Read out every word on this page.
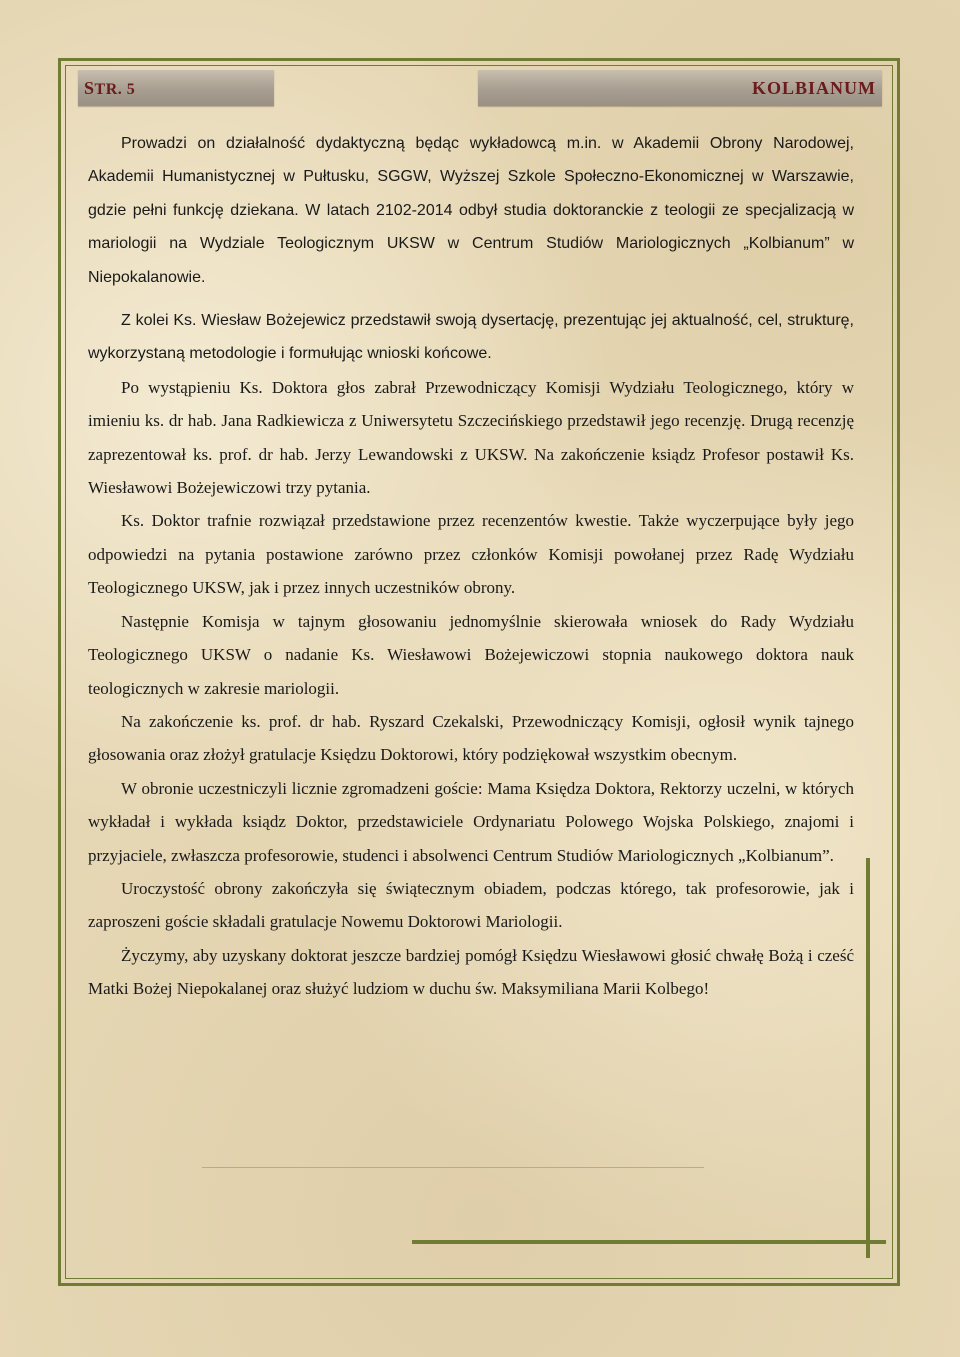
STR. 5	KOLBIANUM

Prowadzi on działalność dydaktyczną będąc wykładowcą m.in. w Akademii Obrony Narodowej, Akademii Humanistycznej w Pułtusku, SGGW, Wyższej Szkole Społeczno-Ekonomicznej w Warszawie, gdzie pełni funkcję dziekana. W latach 2102-2014 odbył studia doktoranckie z teologii ze specjalizacją w mariologii na Wydziale Teologicznym UKSW w Centrum Studiów Mariologicznych „Kolbianum” w Niepokalanowie.

Z kolei Ks. Wiesław Bożejewicz przedstawił swoją dysertację, prezentując jej aktualność, cel, strukturę, wykorzystaną metodologie i formułując wnioski końcowe.

Po wystąpieniu Ks. Doktora głos zabrał Przewodniczący Komisji Wydziału Teologicznego, który w imieniu ks. dr hab. Jana Radkiewicza z Uniwersytetu Szczecińskiego przedstawił jego recenzję. Drugą recenzję zaprezentował ks. prof. dr hab. Jerzy Lewandowski z UKSW. Na zakończenie ksiądz Profesor postawił Ks. Wiesławowi Bożejewiczowi trzy pytania.

Ks. Doktor trafnie rozwiązał przedstawione przez recenzentów kwestie. Także wyczerpujące były jego odpowiedzi na pytania postawione zarówno przez członków Komisji powołanej przez Radę Wydziału Teologicznego UKSW, jak i przez innych uczestników obrony.

Następnie Komisja w tajnym głosowaniu jednomyślnie skierowała wniosek do Rady Wydziału Teologicznego UKSW o nadanie Ks. Wiesławowi Bożejewiczowi stopnia naukowego doktora nauk teologicznych w zakresie mariologii.

Na zakończenie ks. prof. dr hab. Ryszard Czekalski, Przewodniczący Komisji, ogłosił wynik tajnego głosowania oraz złożył gratulacje Księdzu Doktorowi, który podziękował wszystkim obecnym.

W obronie uczestniczyli licznie zgromadzeni goście: Mama Księdza Doktora, Rektorzy uczelni, w których wykładał i wykłada ksiądz Doktor, przedstawiciele Ordynariatu Polowego Wojska Polskiego, znajomi i przyjaciele, zwłaszcza profesorowie, studenci i absolwenci Centrum Studiów Mariologicznych „Kolbianum”.

Uroczystość obrony zakończyła się świątecznym obiadem, podczas którego, tak profesorowie, jak i zaproszeni goście składali gratulacje Nowemu Doktorowi Mariologii.

Życzymy, aby uzyskany doktorat jeszcze bardziej pomógł Księdzu Wiesławowi głosić chwałę Bożą i cześć Matki Bożej Niepokalanej oraz służyć ludziom w duchu św. Maksymiliana Marii Kolbego!
